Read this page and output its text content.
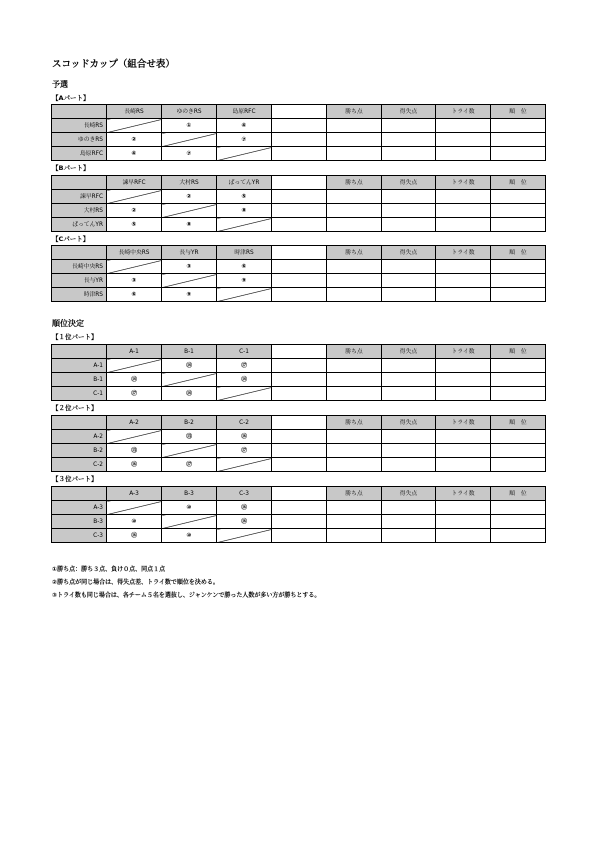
スコッドカップ（組合せ表）
予選
順位決定
【Aパート】
	長崎RS	ゆのきRS	島原RFC		勝ち点	得失点	トライ数	順　位
長崎RS		①	④					
ゆのきRS	②		⑦					
島原RFC	④	⑦						
【Bパート】
	諫早RFC	大村RS	ぱってんYR		勝ち点	得失点	トライ数	順　位
諫早RFC		②	⑤					
大村RS	②		⑧					
ぱってんYR	⑤	⑧						
【Cパート】
	長崎中央RS	長与YR	時津RS		勝ち点	得失点	トライ数	順　位
長崎中央RS		③	⑥					
長与YR	③		⑨					
時津RS	⑥	⑨						
【１位パート】
	A-1	B-1	C-1		勝ち点	得失点	トライ数	順　位
A-1		⑭	⑰					
B-1	⑭		⑭					
C-1	⑰	⑭						
【２位パート】
	A-2	B-2	C-2		勝ち点	得失点	トライ数	順　位
A-2		⑬	⑯					
B-2	⑬		⑰					
C-2	⑯	⑰						
【３位パート】
	A-3	B-3	C-3		勝ち点	得失点	トライ数	順　位
A-3		⑩	⑯					
B-3	⑩		⑯					
C-3	⑯	⑩						
①勝ち点：勝ち３点、負け０点、同点１点
②勝ち点が同じ場合は、得失点差、トライ数で順位を決める。
③トライ数も同じ場合は、各チーム５名を選抜し、ジャンケンで勝った人数が多い方が勝ちとする。
